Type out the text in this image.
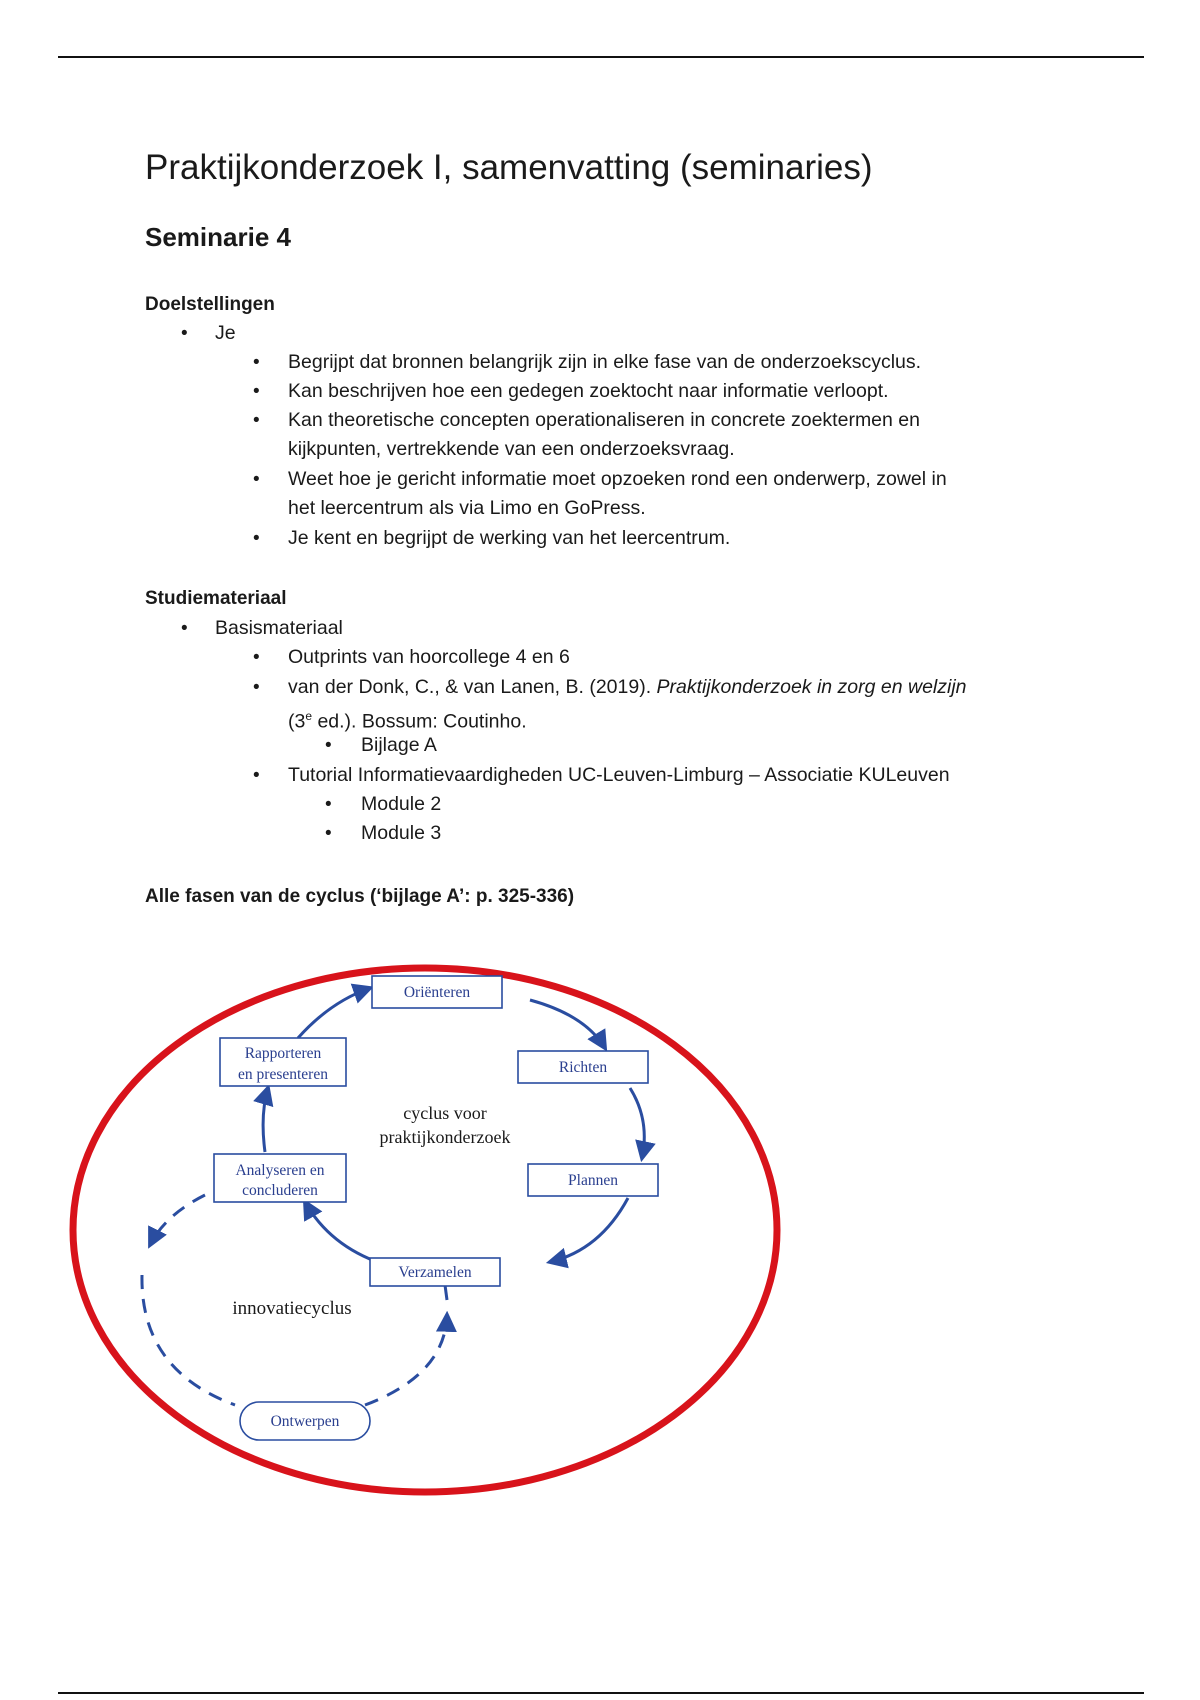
Praktijkonderzoek I, samenvatting (seminaries)
Seminarie 4
Doelstellingen
• Je
• Begrijpt dat bronnen belangrijk zijn in elke fase van de onderzoekscyclus.
• Kan beschrijven hoe een gedegen zoektocht naar informatie verloopt.
• Kan theoretische concepten operationaliseren in concrete zoektermen en
kijkpunten, vertrekkende van een onderzoeksvraag.
• Weet hoe je gericht informatie moet opzoeken rond een onderwerp, zowel in
het leercentrum als via Limo en GoPress.
• Je kent en begrijpt de werking van het leercentrum.
Studiemateriaal
• Basismateriaal
• Outprints van hoorcollege 4 en 6
• van der Donk, C., & van Lanen, B. (2019). Praktijkonderzoek in zorg en welzijn
(3e ed.). Bossum: Coutinho.
• Bijlage A
• Tutorial Informatievaardigheden UC-Leuven-Limburg – Associatie KULeuven
• Module 2
• Module 3
Alle fasen van de cyclus (‘bijlage A’: p. 325-336)
Oriënteren
Richten
Plannen
Verzamelen
Analyseren en
concluderen
Rapporteren
en presenteren
Ontwerpen
cyclus voor
praktijkonderzoek
innovatiecyclus
